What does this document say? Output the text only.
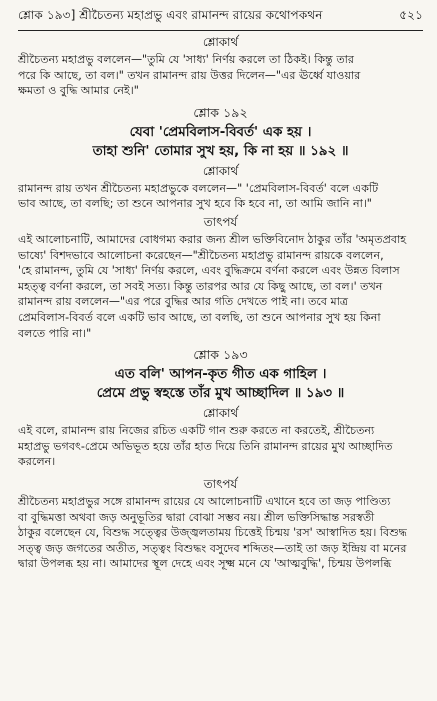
শ্লোক ১৯৩] শ্রীচৈতন্য মহাপ্রভু এবং রামানন্দ রায়ের কথোপকথন	৫২১
শ্লোকার্থ
শ্রীচৈতন্য মহাপ্রভু বললেন—"তুমি যে 'সাধ্য' নির্ণয় করলে তা ঠিকই। কিন্তু তার
পরে কি আছে, তা বল।" তখন রামানন্দ রায় উত্তর দিলেন—"এর ঊর্ধ্বে যাওয়ার
ক্ষমতা ও বুদ্ধি আমার নেই।"
শ্লোক ১৯২
যেবা 'প্রেমবিলাস-বিবর্ত' এক হয় ।
তাহা শুনি' তোমার সুখ হয়, কি না হয় ॥ ১৯২ ॥
শ্লোকার্থ
রামানন্দ রায় তখন শ্রীচৈতন্য মহাপ্রভুকে বললেন—" 'প্রেমবিলাস-বিবর্ত' বলে একটি
ভাব আছে, তা বলছি; তা শুনে আপনার সুখ হবে কি হবে না, তা আমি জানি না।"
তাৎপর্য
এই আলোচনাটি, আমাদের বোধগম্য করার জন্য শ্রীল ভক্তিবিনোদ ঠাকুর তাঁর 'অমৃতপ্রবাহ
ভাষ্যে' বিশদভাবে আলোচনা করেছেন—"শ্রীচৈতন্য মহাপ্রভু রামানন্দ রায়কে বললেন,
'হে রামানন্দ, তুমি যে 'সাধ্য' নির্ণয় করলে, এবং বুদ্ধিক্রমে বর্ণনা করলে এবং উন্নত বিলাস
মহত্ত্ব বর্ণনা করলে, তা সবই সত্য। কিন্তু তারপর আর যে কিছু আছে, তা বল।' তখন
রামানন্দ রায় বললেন—"এর পরে বুদ্ধির আর গতি দেখতে পাই না। তবে মাত্র
প্রেমবিলাস-বিবর্ত বলে একটি ভাব আছে, তা বলছি, তা শুনে আপনার সুখ হয় কিনা
বলতে পারি না।"
শ্লোক ১৯৩
এত বলি' আপন-কৃত গীত এক গাহিল ।
প্রেমে প্রভু স্বহস্তে তাঁর মুখ আচ্ছাদিল ॥ ১৯৩ ॥
শ্লোকার্থ
এই বলে, রামানন্দ রায় নিজের রচিত একটি গান শুরু করতে না করতেই, শ্রীচৈতন্য
মহাপ্রভু ভগবৎ-প্রেমে অভিভূত হয়ে তাঁর হাত দিয়ে তিনি রামানন্দ রায়ের মুখ আচ্ছাদিত
করলেন।
তাৎপর্য
শ্রীচৈতন্য মহাপ্রভুর সঙ্গে রামানন্দ রায়ের যে আলোচনাটি এখানে হবে তা জড় পাণ্ডিত্য
বা বুদ্ধিমত্তা অথবা জড় অনুভূতির দ্বারা বোঝা সম্ভব নয়। শ্রীল ভক্তিসিদ্ধান্ত সরস্বতী
ঠাকুর বলেছেন যে, বিশুদ্ধ সত্ত্বের উজ্জ্বলতাময় চিত্তেই চিন্ময় 'রস' আস্বাদিত হয়। বিশুদ্ধ
সত্ত্ব জড় জগতের অতীত, সত্ত্বং বিশুদ্ধং বসুদেব শব্দিতং—তাই তা জড় ইন্দ্রিয় বা মনের
দ্বারা উপলব্ধ হয় না। আমাদের স্থূল দেহে এবং সূক্ষ্ম মনে যে 'আত্মবুদ্ধি', চিন্ময় উপলব্ধি
